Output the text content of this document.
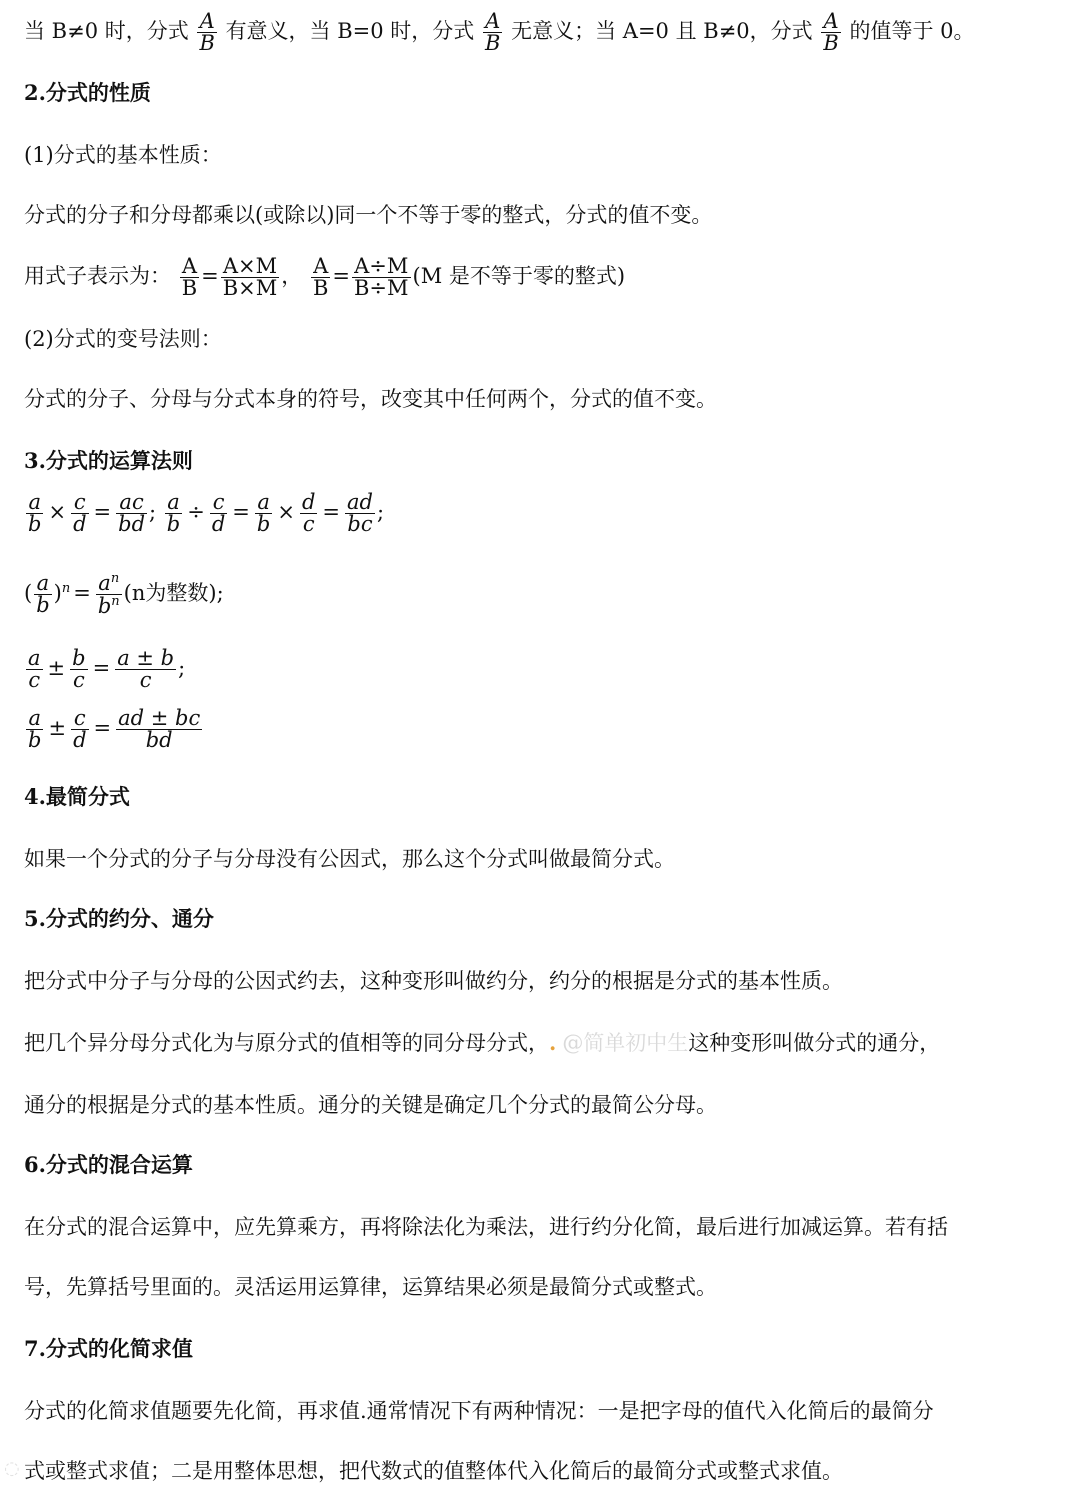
当 B≠0 时，分式 $\frac{A}{B}$ 有意义，当 B=0 时，分式 $\frac{A}{B}$ 无意义；当 A=0 且 B≠0，分式 $\frac{A}{B}$ 的值等于 0。
2.分式的性质
(1)分式的基本性质：
分式的分子和分母都乘以(或除以)同一个不等于零的整式，分式的值不变。
用式子表示为： $\frac{A}{B} = \frac{A\times M}{B\times M}$ ， $\frac{A}{B} = \frac{A\div M}{B\div M} (M$ 是不等于零的整式)
(2)分式的变号法则：
分式的分子、分母与分式本身的符号，改变其中任何两个，分式的值不变。
3.分式的运算法则
$\frac{a}{b} \times \frac{c}{d} = \frac{ac}{bd}$ ; $\frac{a}{b} \div \frac{c}{d} = \frac{a}{b} \times \frac{d}{c} = \frac{ad}{bc}$ ;
( $\frac{a}{b} )^n = \frac{a^n}{b^n} (n$为整数);
$\frac{a}{c} \pm \frac{b}{c} = \frac{a \pm b}{c}$ ;
$\frac{a}{b} \pm \frac{c}{d} = \frac{ad \pm bc}{bd}$
4.最简分式
如果一个分式的分子与分母没有公因式，那么这个分式叫做最简分式。
5.分式的约分、通分
把分式中分子与分母的公因式约去，这种变形叫做约分，约分的根据是分式的基本性质。
把几个异分母分式化为与原分式的值相等的同分母分式，. @简单初中生这种变形叫做分式的通分，
通分的根据是分式的基本性质。通分的关键是确定几个分式的最简公分母。
6.分式的混合运算
在分式的混合运算中，应先算乘方，再将除法化为乘法，进行约分化简，最后进行加减运算。若有括
号，先算括号里面的。灵活运用运算律，运算结果必须是最简分式或整式。
7.分式的化简求值
分式的化简求值题要先化简，再求值.通常情况下有两种情况：一是把字母的值代入化简后的最简分
式或整式求值；二是用整体思想，把代数式的值整体代入化简后的最简分式或整式求值。
◌
